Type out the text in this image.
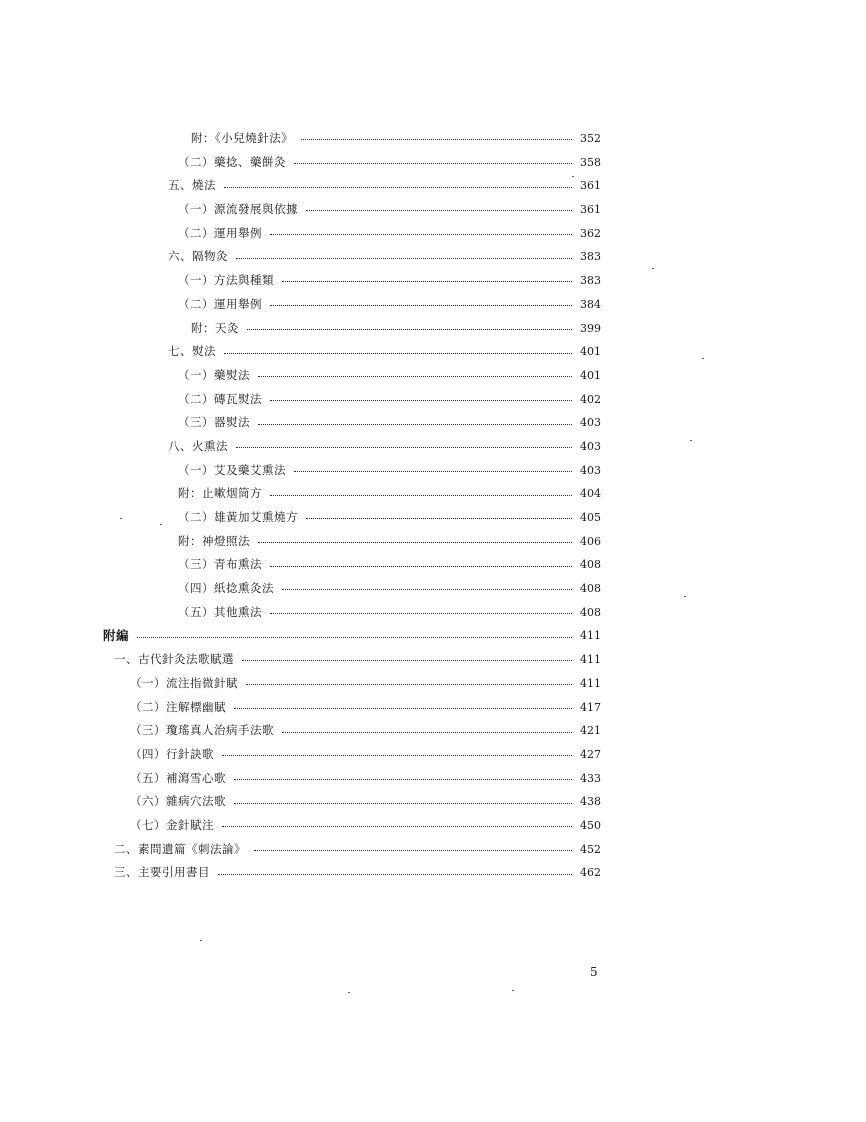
附：《小兒燒針法》	352
（二）藥捻、藥餅灸	358
五、燒法	361
（一）源流發展與依據	361
（二）運用舉例	362
六、隔物灸	383
（一）方法與種類	383
（二）運用舉例	384
附：天灸	399
七、熨法	401
（一）藥熨法	401
（二）磚瓦熨法	402
（三）器熨法	403
八、火熏法	403
（一）艾及藥艾熏法	403
附：止嗽烟筒方	404
（二）雄黃加艾熏燒方	405
附：神燈照法	406
（三）青布熏法	408
（四）紙捻熏灸法	408
（五）其他熏法	408
附編	411
一、古代針灸法歌賦選	411
（一）流注指微針賦	411
（二）注解標幽賦	417
（三）瓊瑤真人治病手法歌	421
（四）行針訣歌	427
（五）補瀉雪心歌	433
（六）雜病穴法歌	438
（七）金針賦注	450
二、素問遺篇《刺法論》	452
三、主要引用書目	462
5
